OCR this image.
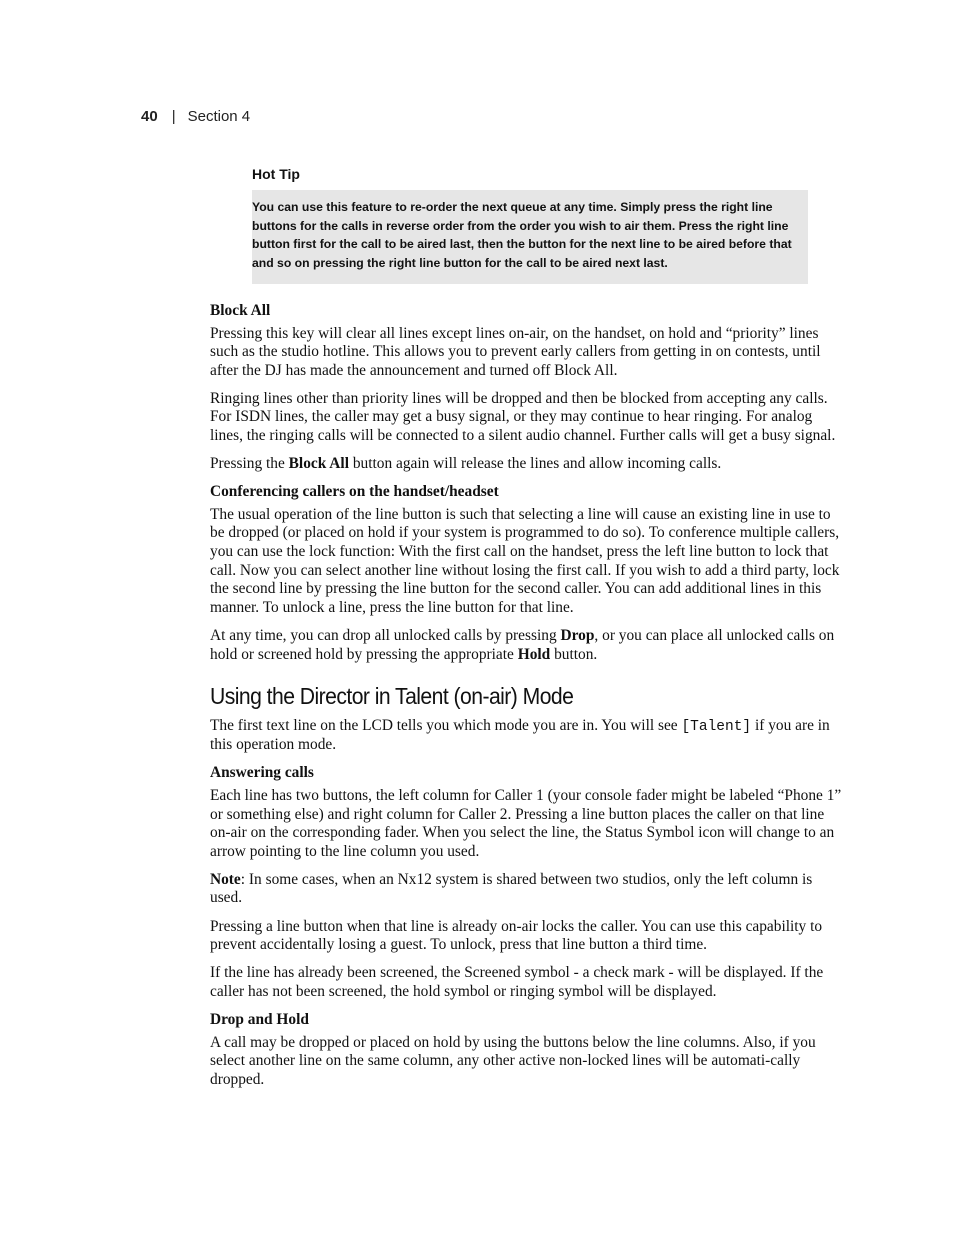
40 | Section 4
Hot Tip
You can use this feature to re-order the next queue at any time. Simply press the right line buttons for the calls in reverse order from the order you wish to air them. Press the right line button first for the call to be aired last, then the button for the next line to be aired before that and so on pressing the right line button for the call to be aired next last.
Block All

Pressing this key will clear all lines except lines on-air, on the handset, on hold and “priority” lines such as the studio hotline. This allows you to prevent early callers from getting in on contests, until after the DJ has made the announcement and turned off Block All.

Ringing lines other than priority lines will be dropped and then be blocked from accepting any calls. For ISDN lines, the caller may get a busy signal, or they may continue to hear ringing. For analog lines, the ringing calls will be connected to a silent audio channel. Further calls will get a busy signal.

Pressing the Block All button again will release the lines and allow incoming calls.

Conferencing callers on the handset/headset

The usual operation of the line button is such that selecting a line will cause an existing line in use to be dropped (or placed on hold if your system is programmed to do so). To conference multiple callers, you can use the lock function: With the first call on the handset, press the left line button to lock that call. Now you can select another line without losing the first call. If you wish to add a third party, lock the second line by pressing the line button for the second caller. You can add additional lines in this manner. To unlock a line, press the line button for that line.

At any time, you can drop all unlocked calls by pressing Drop, or you can place all unlocked calls on hold or screened hold by pressing the appropriate Hold button.

Using the Director in Talent (on-air) Mode

The first text line on the LCD tells you which mode you are in. You will see [Talent] if you are in this operation mode.

Answering calls

Each line has two buttons, the left column for Caller 1 (your console fader might be labeled “Phone 1” or something else) and right column for Caller 2. Pressing a line button places the caller on that line on-air on the corresponding fader. When you select the line, the Status Symbol icon will change to an arrow pointing to the line column you used.

Note: In some cases, when an Nx12 system is shared between two studios, only the left column is used.

Pressing a line button when that line is already on-air locks the caller. You can use this capability to prevent accidentally losing a guest. To unlock, press that line button a third time.

If the line has already been screened, the Screened symbol - a check mark - will be displayed. If the caller has not been screened, the hold symbol or ringing symbol will be displayed.

Drop and Hold

A call may be dropped or placed on hold by using the buttons below the line columns. Also, if you select another line on the same column, any other active non-locked lines will be automati-cally dropped.
